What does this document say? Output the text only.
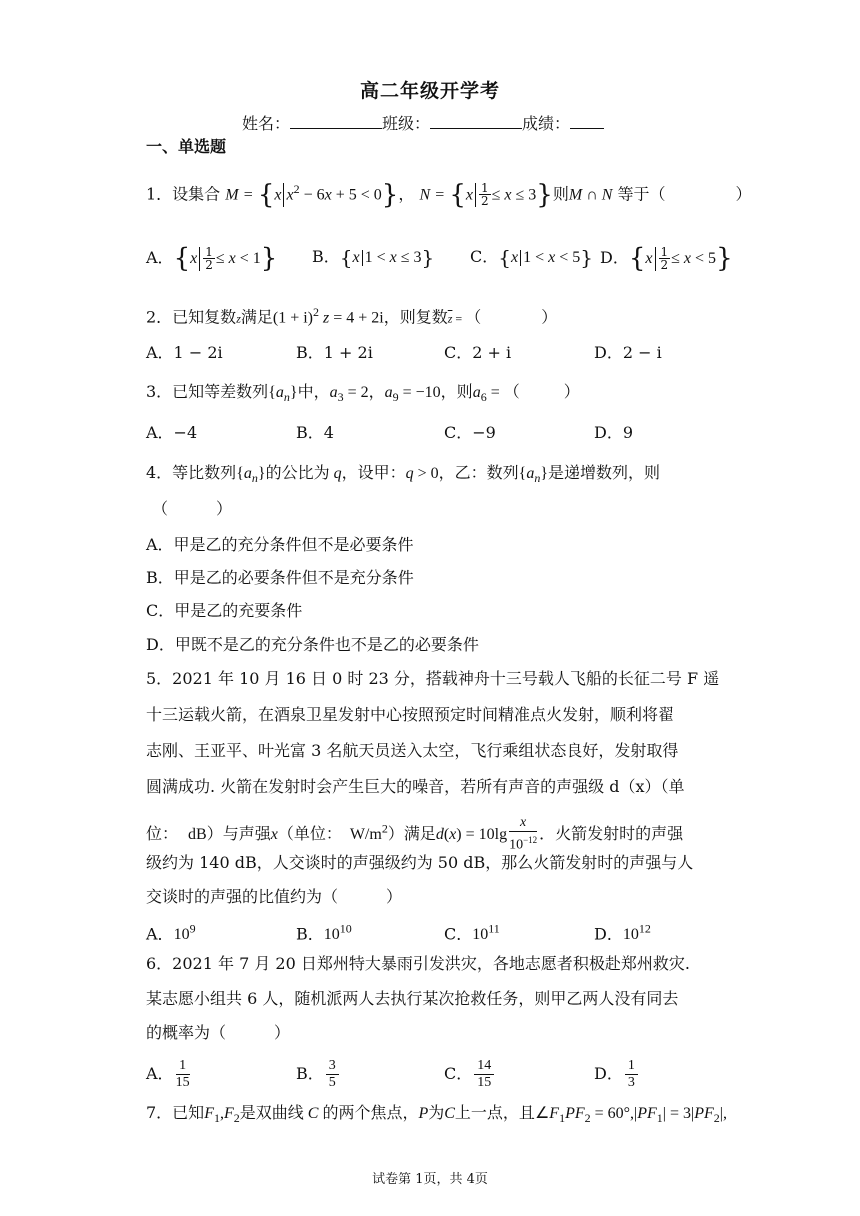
高二年级开学考
姓名：	班级：	成绩：
一、单选题
1．设集合 M = {x $x^2 - 6x + 5 < 0$}， $N = \{x \frac{1}{2} \le x \le 3\}$则M ∩ N 等于（	）
A．$\{x \frac{1}{2} \le x < 1\}$ B．{x 1 < x ≤ 3} C．{x 1 < x < 5} D．$\{x \frac{1}{2} \le x < 5\}$
2．已知复数z满足$(1 + i)^2$ z = 4 + 2i，则复数$\overline{z}$ = （	）
A．1 − 2i	B．1 + 2i	C．2 + i	D．2 − i
3．已知等差数列$\{a_n\}$中，$a_3 = 2$，$a_9 = -10$，则$a_6$ = （	）
A．−4	B．4	C．−9	D．9
4．等比数列$\{a_n\}$的公比为 q，设甲：q > 0，乙：数列$\{a_n\}$是递增数列，则
（　　　）
A．甲是乙的充分条件但不是必要条件
B．甲是乙的必要条件但不是充分条件
C．甲是乙的充要条件
D．甲既不是乙的充分条件也不是乙的必要条件
5．2021 年 10 月 16 日 0 时 23 分，搭载神舟十三号载人飞船的长征二号 F 遥
十三运载火箭，在酒泉卫星发射中心按照预定时间精准点火发射，顺利将翟
志刚、王亚平、叶光富 3 名航天员送入太空，飞行乘组状态良好，发射取得
圆满成功. 火箭在发射时会产生巨大的噪音，若所有声音的声强级 d（x）（单
位： dB）与声强x（单位： $W/m^2$）满足$d(x) = 10\lg \frac{x}{10^{-12}}$ ．火箭发射时的声强
级约为 140 dB，人交谈时的声强级约为 50 dB，那么火箭发射时的声强与人
交谈时的声强的比值约为（　　　）
A．$10^9$	B．$10^{10}$	C．$10^{11}$	D．$10^{12}$
6．2021 年 7 月 20 日郑州特大暴雨引发洪灾，各地志愿者积极赴郑州救灾.
某志愿小组共 6 人，随机派两人去执行某次抢救任务，则甲乙两人没有同去
的概率为（　　　）
A． $\frac{1}{15}$	B． $\frac{3}{5}$	C． $\frac{14}{15}$	D． $\frac{1}{3}$
7．已知$F_1,F_2$是双曲线 C 的两个焦点，P为C上一点，且$\angle F_1PF_2 = 60^\circ,|PF_1| = 3|PF_2|$,
试卷第 1页，共 4页
